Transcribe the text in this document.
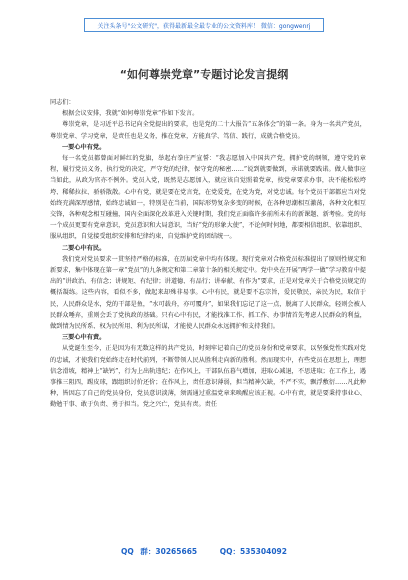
关注头条号"公文研究"，获得最新最全最专业的公文资料库！ 微信：gongwenrj
“如何尊崇党章”专题讨论发言提纲

同志们：

根据会议安排，我就“如何尊崇党章”作如下发言。

尊崇党章，是习近平总书记向全党提出的要求，也是党的二十大报告“五条体会”的第一条。身为一名共产党员，尊崇党章、学习党章，是责任也是义务，推在党章，方能真学、笃信、践行，成就合格党员。

一要心中有党。

每一名党员都曾面对鲜红的党旗，举起右拳庄严宣誓：“我志愿加入中国共产党，拥护党的纲领，遵守党的章程，履行党员义务，执行党的决定，严守党的纪律，保守党的秘密……”说到就要做到，承诺就要践诺。做人做事应当如此，从政为官亦不例外。党员入党，既然是志愿加入，就应该自觉照着党章，按党章要求办事，决不能松松垮垮、稀稀拉拉、骄骄散散。心中有党，就是要在党言党，在党爱党，在党为党，对党忠诚。每个党员干部都应当对党始终充满深厚感情，始终忠诚如一，特别是在当前，国际形势复杂多变的时候，在各种思潮相互激荡，各种文化相互交锋，各种观念相互碰撞，国内全面深化改革进入关键时期，我们党正面临许多前所未有的新课题、新考验。党的每一个成员更要有党章意识，党员意识和大局意识，当好“党的形象大使”，不论何时何地，都要相信组织、依靠组织、服从组织，自觉接受组织安排和纪律约束，自觉维护党的团结统一。

二要心中有民。

我们党对党员要求一贯坚持严格的标准，在历届党章中均有体现。现行党章对合格党员标准提出了原则性规定和新要求，集中体现在第一章“党员”的九条规定和第二章第十条的相关规定中。党中央在开展“两学一做”学习教育中提出的“讲政治、有信念；讲规矩、有纪律；讲道德、有品行；讲奉献、有作为”要求，正是对党章关于合格党员规定的概括凝练。这些内容，看似不多，做起来却殊非易事。心中有民，就是要不忘宗旨，爱民敬民，亲民为民，取信于民，人民群众是水，党的干部是鱼，“水可载舟，亦可覆舟”，如果我们忘记了这一点，脱离了人民群众，轻则会被人民群众唾弃，重则会丢了党执政的基础。只有心中有民，才能找准工作、抓工作、办事情首先考虑人民群众的利益，做到情为民所系、权为民所用、利为民所谋，才能使人民群众永远拥护和支持我们。

三要心中有责。

从党诞生至今，正是因为有无数这样的共产党员，时刻牢记着自己的党员身份和党章要求，以坚强党性实践对党的忠诚，才使我们党始终走在时代前列，不断带领人民从胜利走向新的胜利。然而现实中，有些党员在思想上，理想信念滑坡，精神上“缺钙”，行为上出轨违纪；在作风上，干部队伍暮气增加，进取心减退，不思进取；在工作上，遇事推三阻四，踢皮球，跟组织讨价还价；在作风上，责任意识薄弱，担当精神欠缺，不严不实，飘浮敷衍……凡此种种，皆因忘了自己的党员身份，党员意识淡薄，须需通过重温党章来唤醒应该正视。心中有责，就是要秉持事业心、勤勉干事、敢于负责、勇于担当。党之兴亡，党员有责。责任

QQ 群：30265665	QQ：535304092
